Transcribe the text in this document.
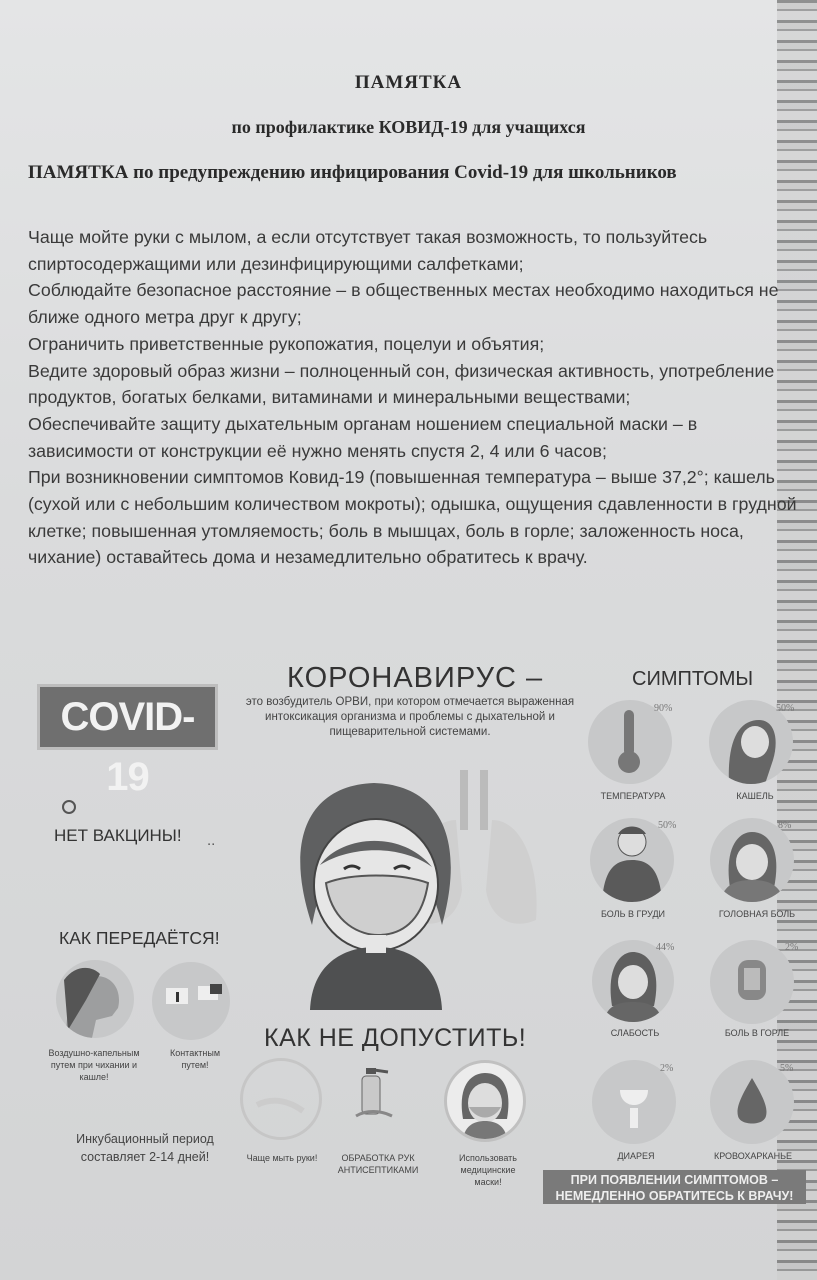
ПАМЯТКА
по профилактике КОВИД-19 для учащихся
ПАМЯТКА по предупреждению инфицирования Covid-19 для школьников

Чаще мойте руки с мылом, а если отсутствует такая возможность, то пользуйтесь спиртосодержащими или дезинфицирующими салфетками;

Соблюдайте безопасное расстояние – в общественных местах необходимо находиться не ближе одного метра друг к другу;

Ограничить приветственные рукопожатия, поцелуи и объятия;

Ведите здоровый образ жизни – полноценный сон, физическая активность, употребление продуктов, богатых белками, витаминами и минеральными веществами;

Обеспечивайте защиту дыхательным органам ношением специальной маски – в зависимости от конструкции её нужно менять спустя 2, 4 или 6 часов;

При возникновении симптомов Ковид-19 (повышенная температура – выше 37,2°; кашель (сухой или с небольшим количеством мокроты); одышка, ощущения сдавленности в грудной клетке; повышенная утомляемость; боль в мышцах, боль в горле; заложенность носа, чихание) оставайтесь дома и незамедлительно обратитесь к врачу.

COVID-19
КОРОНАВИРУС –
это возбудитель ОРВИ, при котором отмечается выраженная интоксикация организма и проблемы с дыхательной и пищеварительной системами.
СИМПТОМЫ
НЕТ ВАКЦИНЫ! ..
КАК ПЕРЕДАЁТСЯ!
Воздушно-капельным путем при чихании и кашле!
Контактным путем!
Инкубационный период составляет 2-14 дней!
КАК НЕ ДОПУСТИТЬ!
Чаще мыть руки!	ОБРАБОТКА РУК АНТИСЕПТИКАМИ
Использовать медицинские маски!
90%
ТЕМПЕРАТУРА
50%
КАШЕЛЬ
50%
БОЛЬ В ГРУДИ
8%
ГОЛОВНАЯ БОЛЬ
44%
СЛАБОСТЬ
2%
БОЛЬ В ГОРЛЕ
2%
ДИАРЕЯ
5%
КРОВОХАРКАНЬЕ
ПРИ ПОЯВЛЕНИИ СИМПТОМОВ –
НЕМЕДЛЕННО ОБРАТИТЕСЬ К ВРАЧУ!
